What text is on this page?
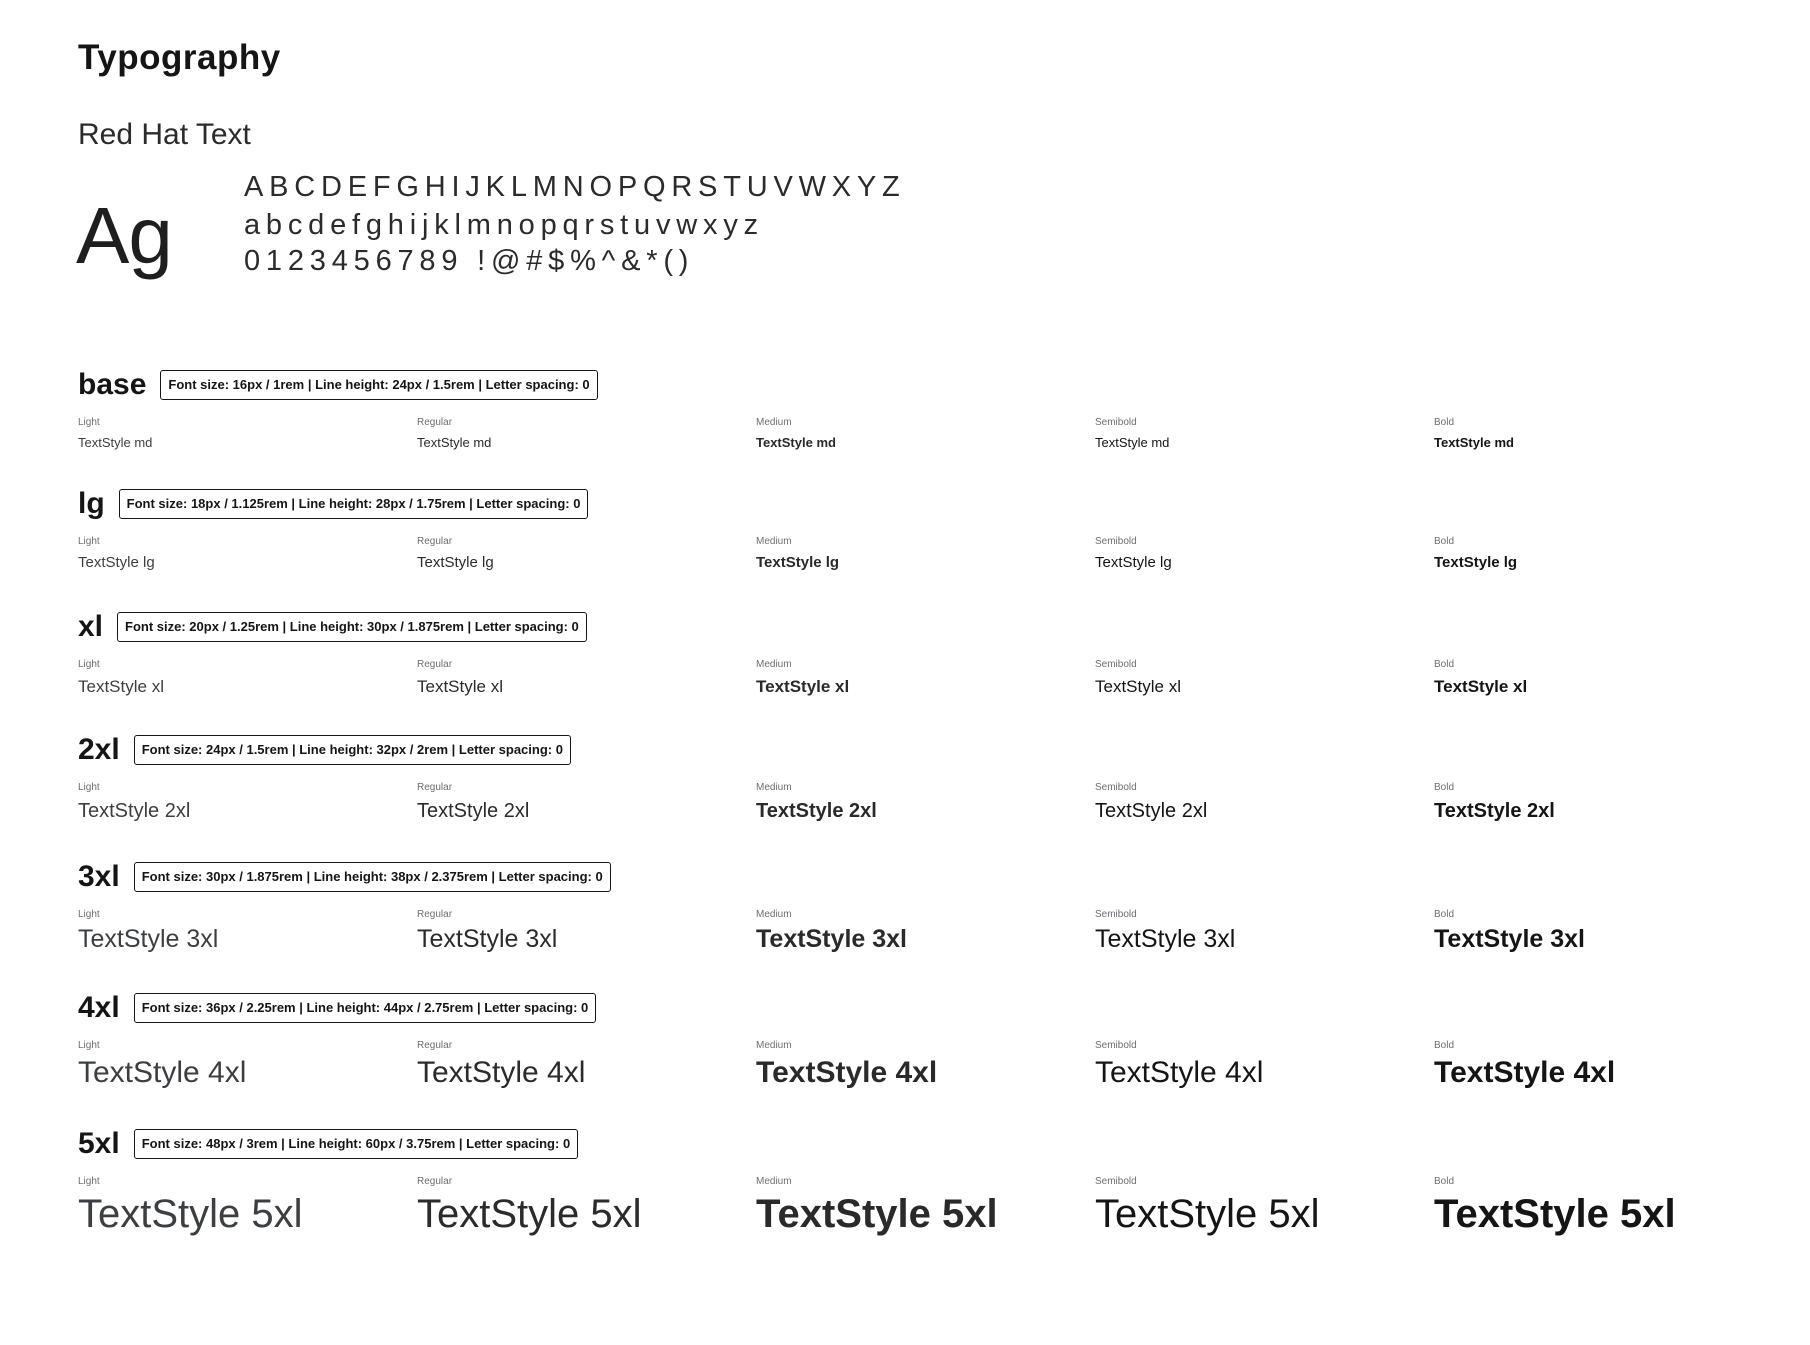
Typography
Red Hat Text
Ag
ABCDEFGHIJKLMNOPQRSTUVWXYZ
abcdefghijklmnopqrstuvwxyz
0123456789 !@#$%^&*()
base	Font size: 16px / 1rem | Line height: 24px / 1.5rem | Letter spacing: 0
Light
TextStyle md
Regular
TextStyle md
Medium
TextStyle md
Semibold
TextStyle md
Bold
TextStyle md
lg	Font size: 18px / 1.125rem | Line height: 28px / 1.75rem | Letter spacing: 0
Light
TextStyle lg
Regular
TextStyle lg
Medium
TextStyle lg
Semibold
TextStyle lg
Bold
TextStyle lg
xl	Font size: 20px / 1.25rem | Line height: 30px / 1.875rem | Letter spacing: 0
Light
TextStyle xl
Regular
TextStyle xl
Medium
TextStyle xl
Semibold
TextStyle xl
Bold
TextStyle xl
2xl	Font size: 24px / 1.5rem | Line height: 32px / 2rem | Letter spacing: 0
Light
TextStyle 2xl
Regular
TextStyle 2xl
Medium
TextStyle 2xl
Semibold
TextStyle 2xl
Bold
TextStyle 2xl
3xl	Font size: 30px / 1.875rem | Line height: 38px / 2.375rem | Letter spacing: 0
Light
TextStyle 3xl
Regular
TextStyle 3xl
Medium
TextStyle 3xl
Semibold
TextStyle 3xl
Bold
TextStyle 3xl
4xl	Font size: 36px / 2.25rem | Line height: 44px / 2.75rem | Letter spacing: 0
Light
TextStyle 4xl
Regular
TextStyle 4xl
Medium
TextStyle 4xl
Semibold
TextStyle 4xl
Bold
TextStyle 4xl
5xl	Font size: 48px / 3rem | Line height: 60px / 3.75rem | Letter spacing: 0
Light
TextStyle 5xl
Regular
TextStyle 5xl
Medium
TextStyle 5xl
Semibold
TextStyle 5xl
Bold
TextStyle 5xl
